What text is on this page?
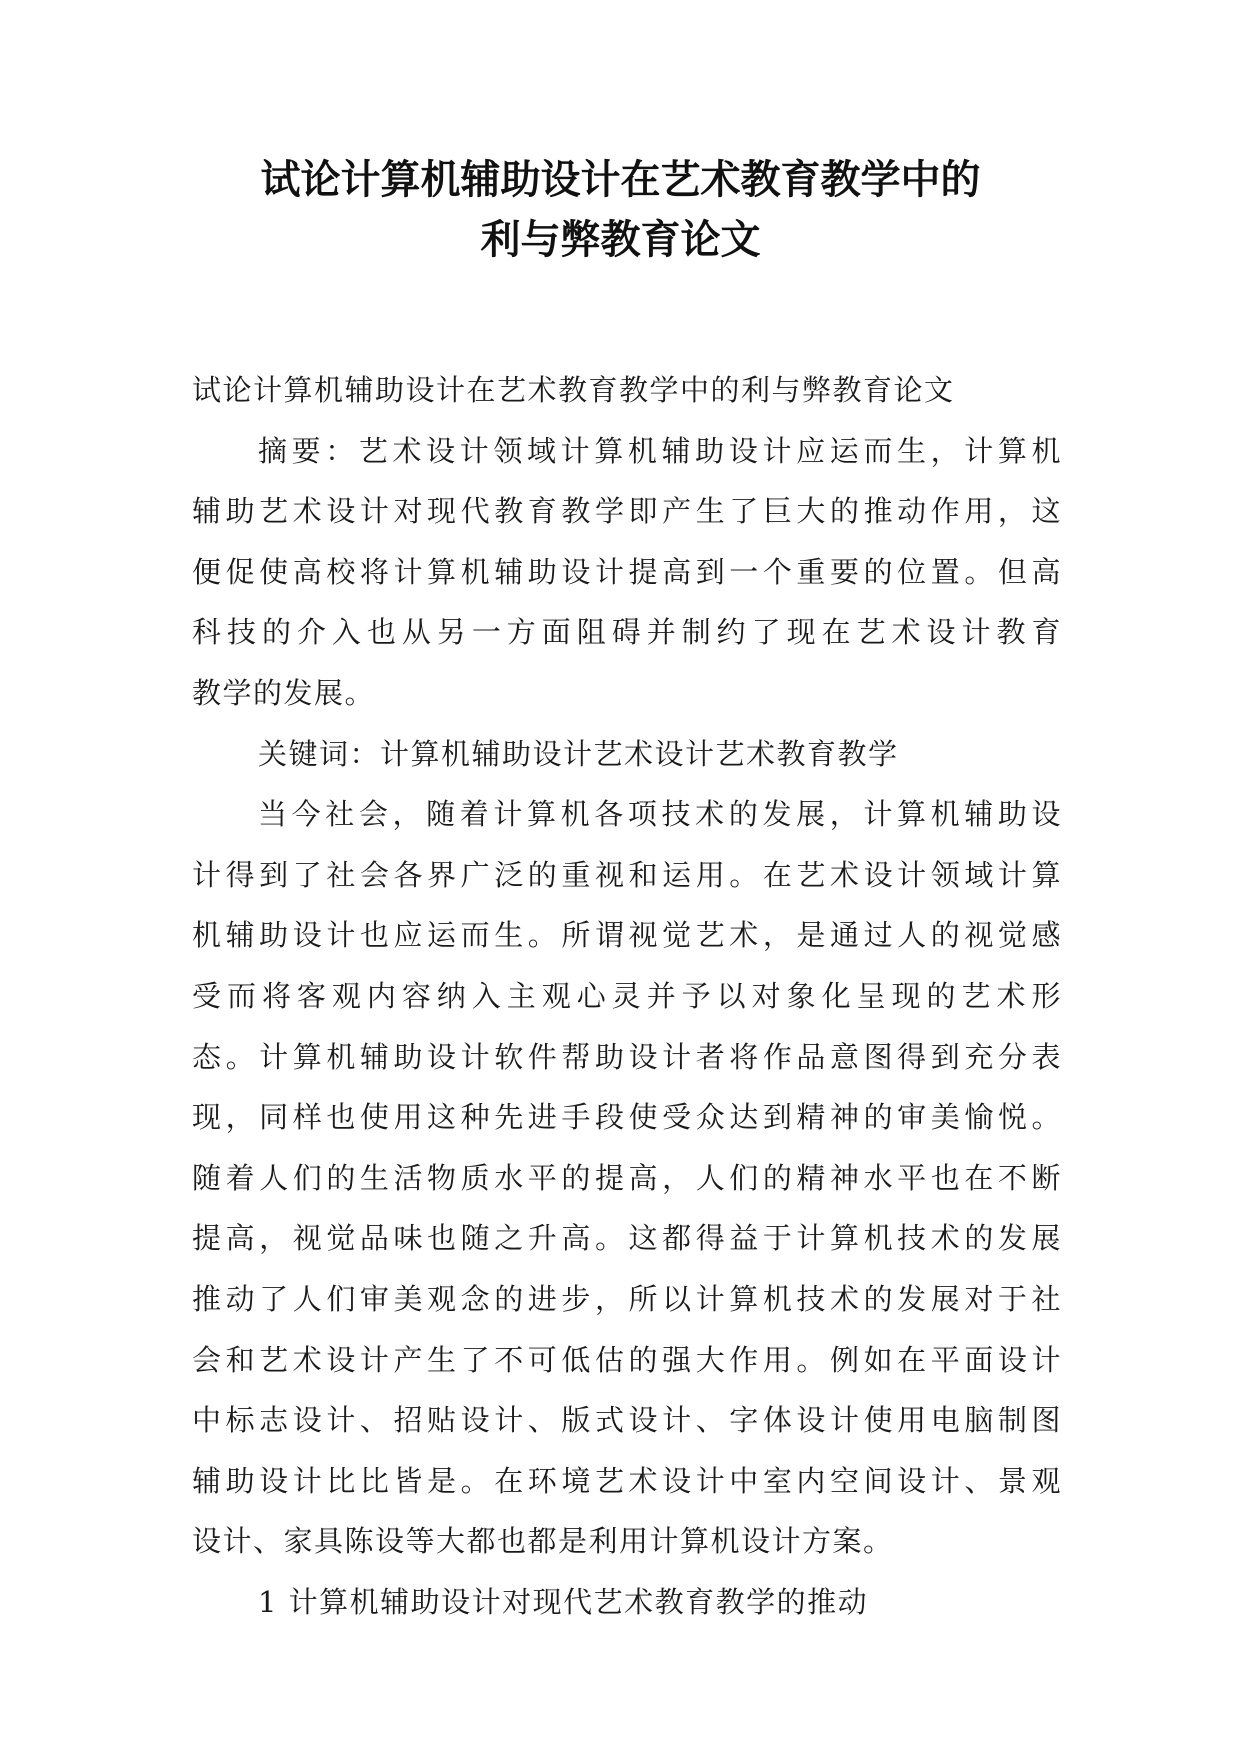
试论计算机辅助设计在艺术教育教学中的
利与弊教育论文
试论计算机辅助设计在艺术教育教学中的利与弊教育论文
摘要：艺术设计领域计算机辅助设计应运而生，计算机
辅助艺术设计对现代教育教学即产生了巨大的推动作用，这
便促使高校将计算机辅助设计提高到一个重要的位置。但高
科技的介入也从另一方面阻碍并制约了现在艺术设计教育
教学的发展。
关键词：计算机辅助设计艺术设计艺术教育教学
当今社会，随着计算机各项技术的发展，计算机辅助设
计得到了社会各界广泛的重视和运用。在艺术设计领域计算
机辅助设计也应运而生。所谓视觉艺术，是通过人的视觉感
受而将客观内容纳入主观心灵并予以对象化呈现的艺术形
态。计算机辅助设计软件帮助设计者将作品意图得到充分表
现，同样也使用这种先进手段使受众达到精神的审美愉悦。
随着人们的生活物质水平的提高，人们的精神水平也在不断
提高，视觉品味也随之升高。这都得益于计算机技术的发展
推动了人们审美观念的进步，所以计算机技术的发展对于社
会和艺术设计产生了不可低估的强大作用。例如在平面设计
中标志设计、招贴设计、版式设计、字体设计使用电脑制图
辅助设计比比皆是。在环境艺术设计中室内空间设计、景观
设计、家具陈设等大都也都是利用计算机设计方案。
1 计算机辅助设计对现代艺术教育教学的推动
